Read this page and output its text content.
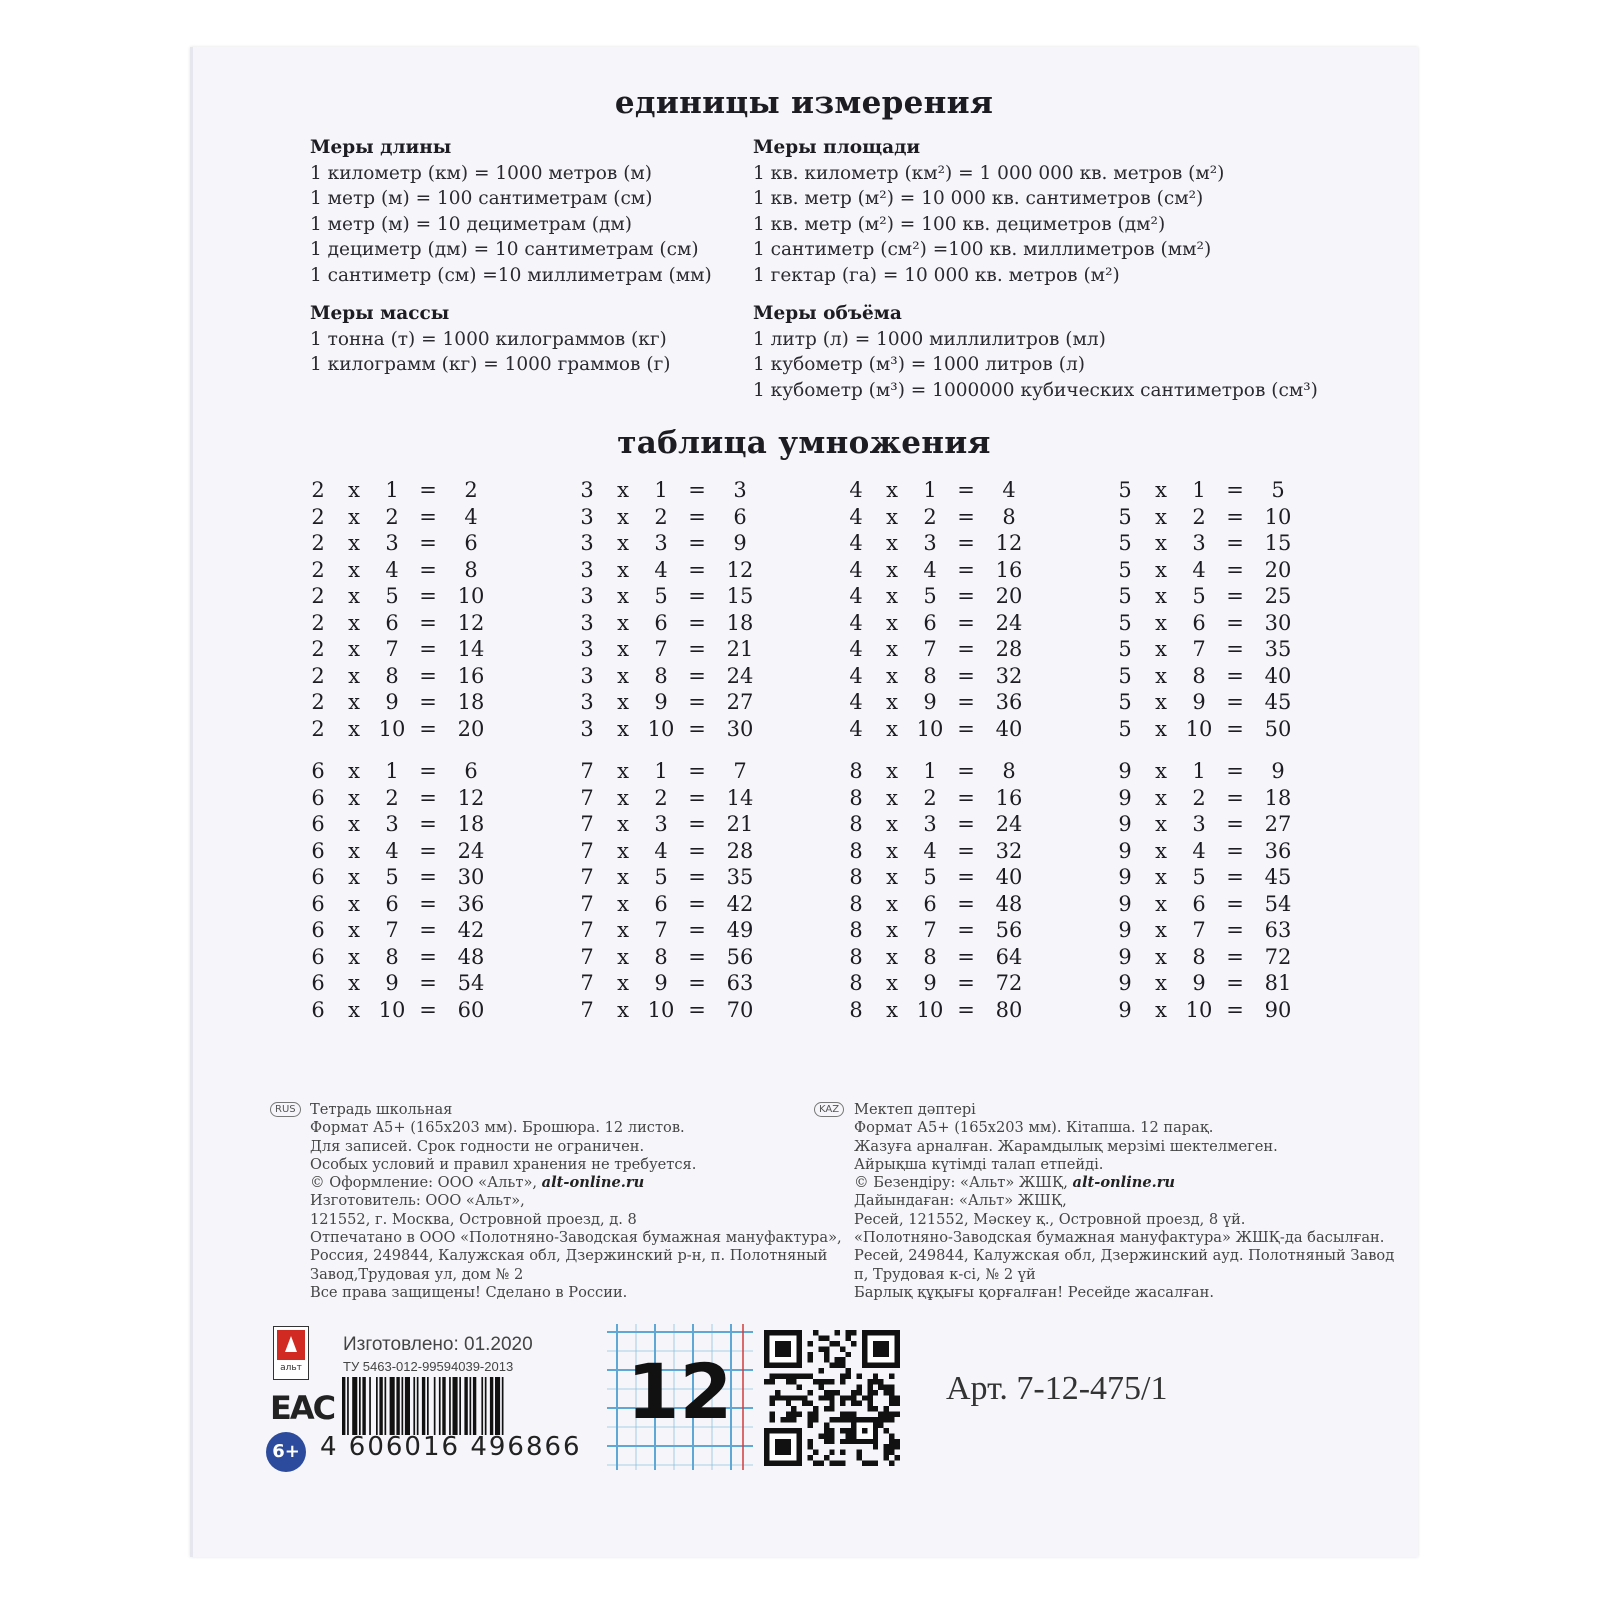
единицы измерения
Меры длины
1 километр (км) = 1000 метров (м)
1 метр (м) = 100 сантиметрам (см)
1 метр (м) = 10 дециметрам (дм)
1 дециметр (дм) = 10 сантиметрам (см)
1 сантиметр (см) =10 миллиметрам (мм)
Меры площади
1 кв. километр (км²) = 1 000 000 кв. метров (м²)
1 кв. метр (м²) = 10 000 кв. сантиметров (см²)
1 кв. метр (м²) = 100 кв. дециметров (дм²)
1 сантиметр (см²) =100 кв. миллиметров (мм²)
1 гектар (га) = 10 000 кв. метров (м²)
Меры массы
1 тонна (т) = 1000 килограммов (кг)
1 килограмм (кг) = 1000 граммов (г)
Меры объёма
1 литр (л) = 1000 миллилитров (мл)
1 кубометр (м³) = 1000 литров (л)
1 кубометр (м³) = 1000000 кубических сантиметров (см³)
таблица умножения
2	x	1 =	2
2	x	2 =	4
2	x	3 =	6
2	x	4 =	8
2	x	5 = 10
2	x	6 = 12
2	x	7 = 14
2	x	8 = 16
2	x	9 = 18
2	x 10 = 20
3	x	1 =	3
3	x	2 =	6
3	x	3 =	9
3	x	4 = 12
3	x	5 = 15
3	x	6 = 18
3	x	7 = 21
3	x	8 = 24
3	x	9 = 27
3	x 10 = 30
4	x	1 =	4
4	x	2 =	8
4	x	3 = 12
4	x	4 = 16
4	x	5 = 20
4	x	6 = 24
4	x	7 = 28
4	x	8 = 32
4	x	9 = 36
4	x 10 = 40
5	x	1 =	5
5	x	2 = 10
5	x	3 = 15
5	x	4 = 20
5	x	5 = 25
5	x	6 = 30
5	x	7 = 35
5	x	8 = 40
5	x	9 = 45
5	x 10 = 50
6	x	1 =	6
6	x	2 = 12
6	x	3 = 18
6	x	4 = 24
6	x	5 = 30
6	x	6 = 36
6	x	7 = 42
6	x	8 = 48
6	x	9 = 54
6	x 10 = 60
7	x	1 =	7
7	x	2 = 14
7	x	3 = 21
7	x	4 = 28
7	x	5 = 35
7	x	6 = 42
7	x	7 = 49
7	x	8 = 56
7	x	9 = 63
7	x 10 = 70
8	x	1 =	8
8	x	2 = 16
8	x	3 = 24
8	x	4 = 32
8	x	5 = 40
8	x	6 = 48
8	x	7 = 56
8	x	8 = 64
8	x	9 = 72
8	x 10 = 80
9	x	1 =	9
9	x	2 = 18
9	x	3 = 27
9	x	4 = 36
9	x	5 = 45
9	x	6 = 54
9	x	7 = 63
9	x	8 = 72
9	x	9 = 81
9	x 10 = 90
RUS Тетрадь школьная
Формат А5+ (165х203 мм). Брошюра. 12 листов.
Для записей. Срок годности не ограничен.
Особых условий и правил хранения не требуется.
© Оформление: ООО «Альт», alt-online.ru
Изготовитель: ООО «Альт»,
121552, г. Москва, Островной проезд, д. 8
Отпечатано в ООО «Полотняно-Заводская бумажная мануфактура»,
Россия, 249844, Калужская обл, Дзержинский р-н, п. Полотняный
Завод,Трудовая ул, дом № 2
Все права защищены! Сделано в России.
KAZ	Мектеп дәптері
Формат А5+ (165х203 мм). Кітапша. 12 парақ.
Жазуға арналған. Жарамдылық мерзімі шектелмеген.
Айрықша күтімді талап етпейді.
© Безендіру: «Альт» ЖШҚ, alt-online.ru
Дайындаған: «Альт» ЖШҚ,
Ресей, 121552, Мәскеу қ., Островной проезд, 8 үй.
«Полотняно-Заводская бумажная мануфактура» ЖШҚ-да басылған.
Ресей, 249844, Калужская обл, Дзержинский ауд. Полотняный Завод
п, Трудовая к-сі, № 2 үй
Барлық құқығы қорғалған! Ресейде жасалған.
альт
EAC
6+
Изготовлено: 01.2020
ТУ 5463-012-99594039-2013
4 606016 496866
12	Арт. 7-12-475/1
